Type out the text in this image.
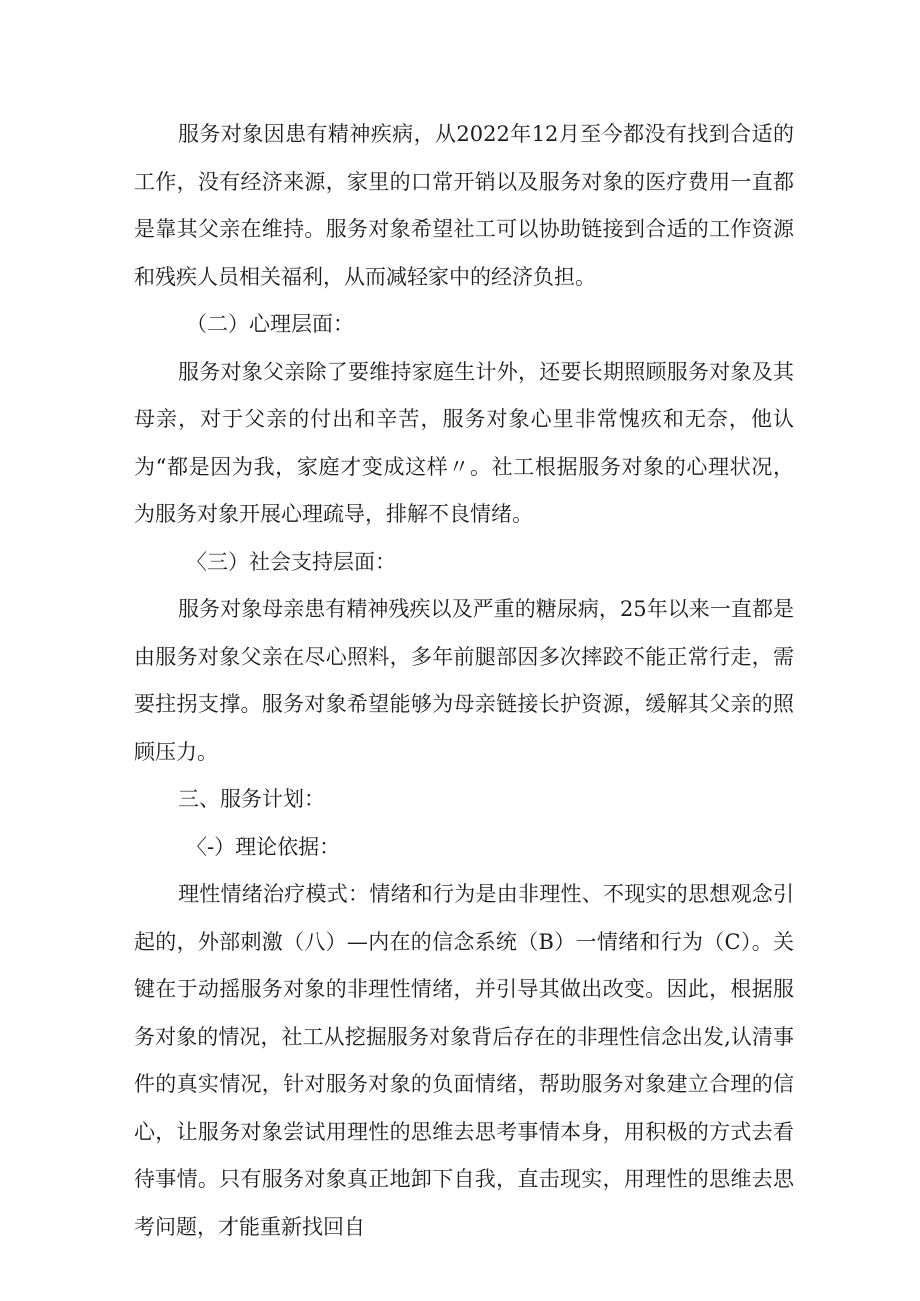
服务对象因患有精神疾病，从2022年12月至今都没有找到合适的工作，没有经济来源，家里的口常开销以及服务对象的医疗费用一直都是靠其父亲在维持。服务对象希望社工可以协助链接到合适的工作资源和残疾人员相关福利，从而减轻家中的经济负担。

（二）心理层面：

服务对象父亲除了要维持家庭生计外，还要长期照顾服务对象及其母亲，对于父亲的付出和辛苦，服务对象心里非常愧疚和无奈，他认为“都是因为我，家庭才变成这样〃。社工根据服务对象的心理状况，为服务对象开展心理疏导，排解不良情绪。

〈三）社会支持层面：

服务对象母亲患有精神残疾以及严重的糖尿病，25年以来一直都是由服务对象父亲在尽心照料，多年前腿部因多次摔跤不能正常行走，需要拄拐支撑。服务对象希望能够为母亲链接长护资源，缓解其父亲的照顾压力。

三、服务计划：

〈-）理论依据：

理性情绪治疗模式：情绪和行为是由非理性、不现实的思想观念引起的，外部刺激（八）—内在的信念系统（B）一情绪和行为（C）。关键在于动摇服务对象的非理性情绪，并引导其做出改变。因此，根据服务对象的情况，社工从挖掘服务对象背后存在的非理性信念出发,认清事件的真实情况，针对服务对象的负面情绪，帮助服务对象建立合理的信心，让服务对象尝试用理性的思维去思考事情本身，用积极的方式去看待事情。只有服务对象真正地卸下自我，直击现实，用理性的思维去思考问题，才能重新找回自
